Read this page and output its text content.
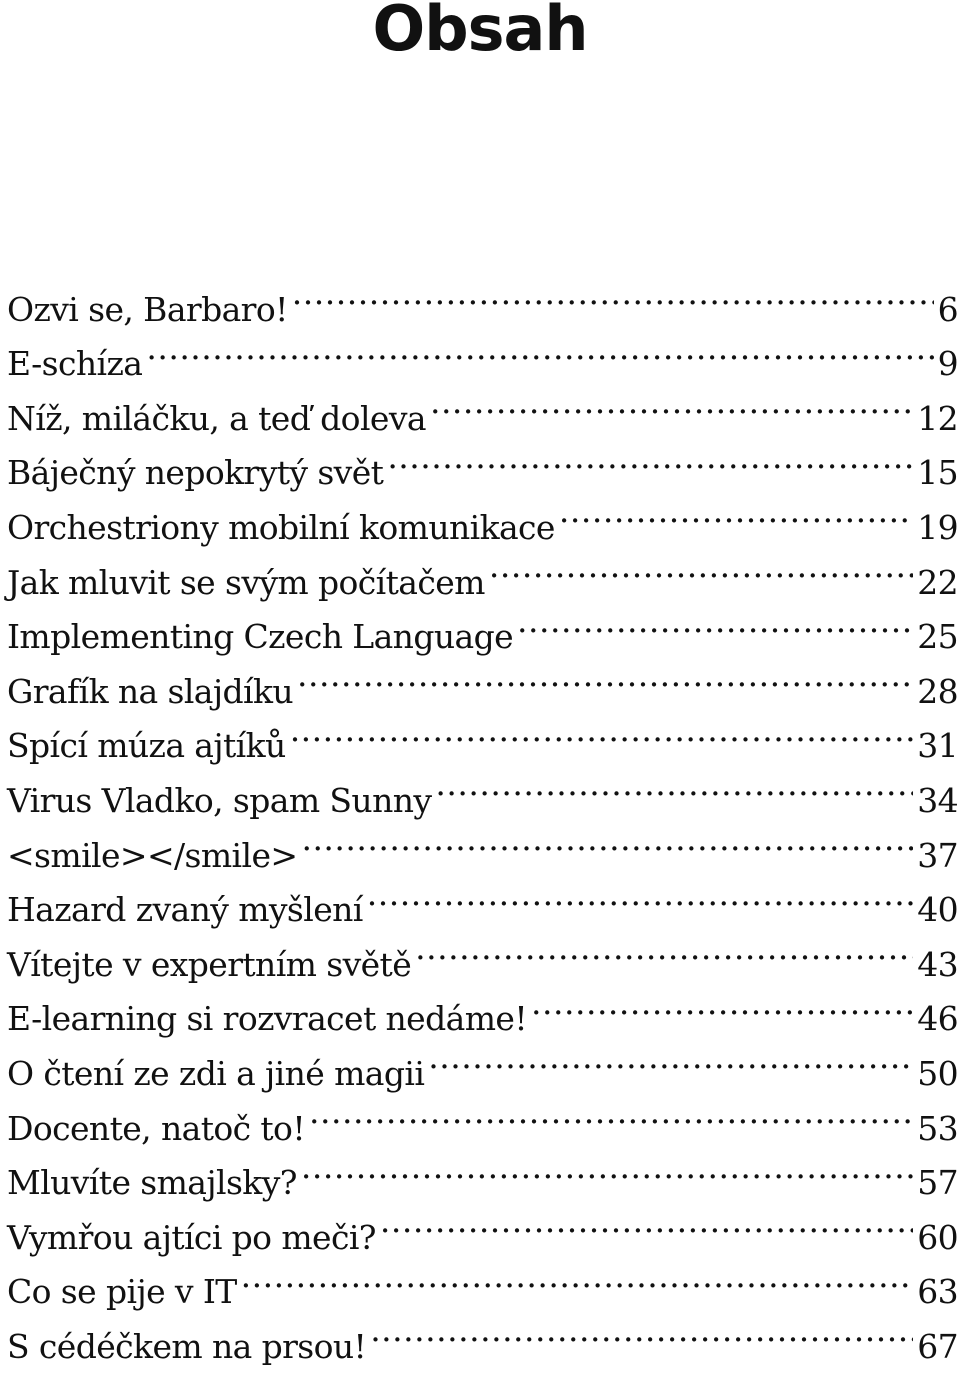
Obsah
Ozvi se, Barbaro! .....	6
E-schíza .....	9
Níž, miláčku, a teď doleva .....	12
Báječný nepokrytý svět .....	15
Orchestriony mobilní komunikace .....	19
Jak mluvit se svým počítačem .....	22
Implementing Czech Language .....	25
Grafík na slajdíku .....	28
Spící múza ajtíků .....	31
Virus Vladko, spam Sunny .....	34
<smile></smile> .....	37
Hazard zvaný myšlení .....	40
Vítejte v expertním světě .....	43
E-learning si rozvracet nedáme! .....	46
O čtení ze zdi a jiné magii .....	50
Docente, natoč to! .....	53
Mluvíte smajlsky? .....	57
Vymřou ajtíci po meči? .....	60
Co se pije v IT .....	63
S cédéčkem na prsou! .....	67
